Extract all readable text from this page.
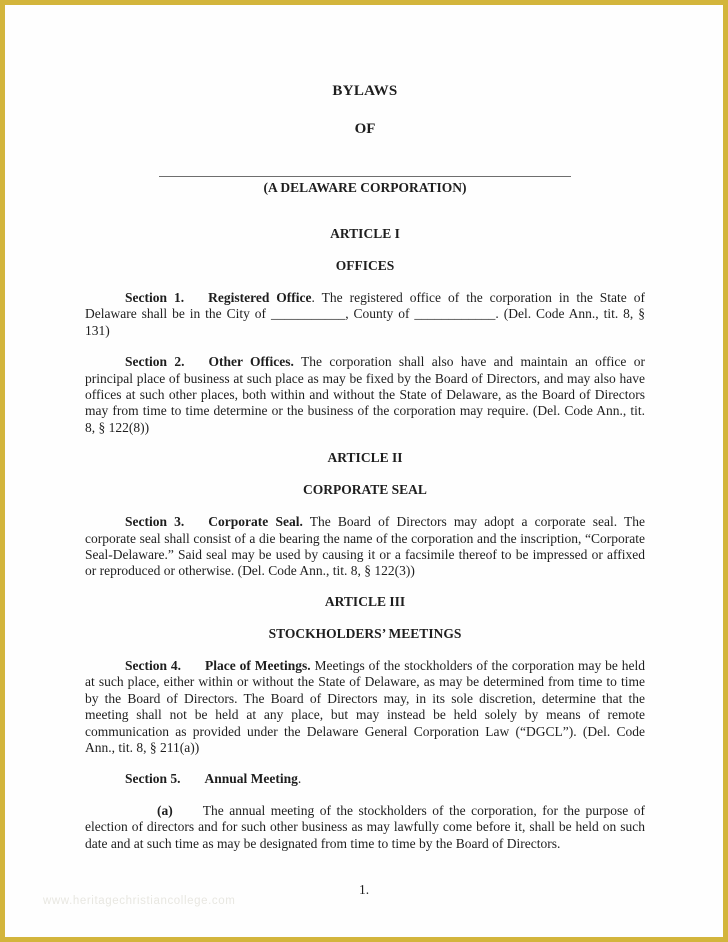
BYLAWS
OF
(A DELAWARE CORPORATION)
ARTICLE I
OFFICES

Section 1. Registered Office. The registered office of the corporation in the State of Delaware shall be in the City of ___________, County of ____________. (Del. Code Ann., tit. 8, § 131)

Section 2. Other Offices. The corporation shall also have and maintain an office or principal place of business at such place as may be fixed by the Board of Directors, and may also have offices at such other places, both within and without the State of Delaware, as the Board of Directors may from time to time determine or the business of the corporation may require. (Del. Code Ann., tit. 8, § 122(8))

ARTICLE II
CORPORATE SEAL

Section 3. Corporate Seal. The Board of Directors may adopt a corporate seal. The corporate seal shall consist of a die bearing the name of the corporation and the inscription, “Corporate Seal-Delaware.” Said seal may be used by causing it or a facsimile thereof to be impressed or affixed or reproduced or otherwise. (Del. Code Ann., tit. 8, § 122(3))

ARTICLE III
STOCKHOLDERS’ MEETINGS

Section 4. Place of Meetings. Meetings of the stockholders of the corporation may be held at such place, either within or without the State of Delaware, as may be determined from time to time by the Board of Directors. The Board of Directors may, in its sole discretion, determine that the meeting shall not be held at any place, but may instead be held solely by means of remote communication as provided under the Delaware General Corporation Law (“DGCL”). (Del. Code Ann., tit. 8, § 211(a))

Section 5. Annual Meeting.

(a) The annual meeting of the stockholders of the corporation, for the purpose of election of directors and for such other business as may lawfully come before it, shall be held on such date and at such time as may be designated from time to time by the Board of Directors.

1.
www.heritagechristiancollege.com
